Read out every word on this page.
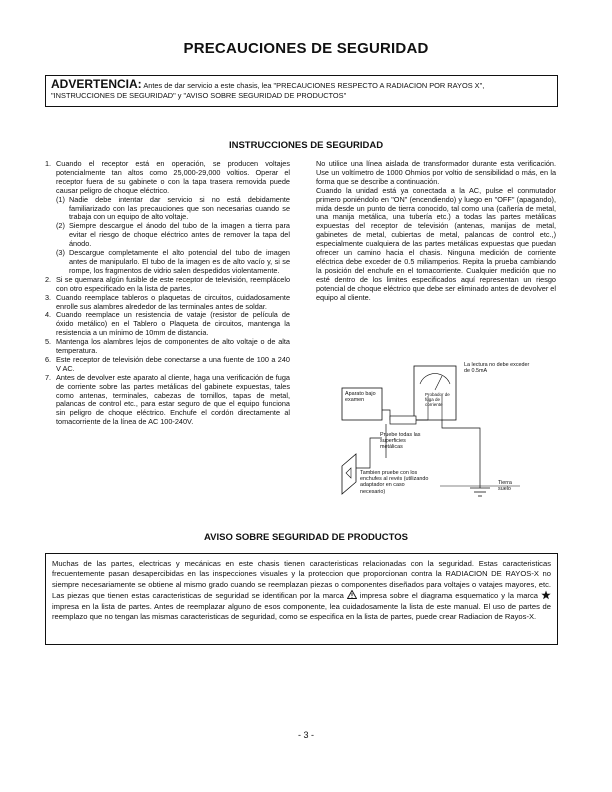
PRECAUCIONES DE SEGURIDAD
ADVERTENCIA: Antes de dar servicio a este chasis, lea "PRECAUCIONES RESPECTO A RADIACION POR RAYOS X",
"INSTRUCCIONES DE SEGURIDAD" y "AVISO SOBRE SEGURIDAD DE PRODUCTOS"
INSTRUCCIONES DE SEGURIDAD
1. Cuando el receptor está en operación, se producen voltajes potencialmente tan altos como 25,000-29,000 voltios. Operar el receptor fuera de su gabinete o con la tapa trasera removida puede causar peligro de choque eléctrico.
(1) Nadie debe intentar dar servicio si no está debidamente familiarizado con las precauciones que son necesarias cuando se trabaja con un equipo de alto voltaje.
(2) Siempre descargue el ánodo del tubo de la imagen a tierra para evitar el riesgo de choque eléctrico antes de remover la tapa del ánodo.
(3) Descargue completamente el alto potencial del tubo de imagen antes de manipularlo. El tubo de la imagen es de alto vacío y, si se rompe, los fragmentos de vidrio salen despedidos violentamente.
2. Si se quemara algún fusible de este receptor de televisión, reemplácelo con otro especificado en la lista de partes.
3. Cuando reemplace tableros o plaquetas de circuitos, cuidadosamente enrolle sus alambres alrededor de las terminales antes de soldar.
4. Cuando reemplace un resistencia de vataje (resistor de película de óxido metálico) en el Tablero o Plaqueta de circuitos, mantenga la resistencia a un mínimo de 10mm de distancia.
5. Mantenga los alambres lejos de componentes de alto voltaje o de alta temperatura.
6. Este receptor de televisión debe conectarse a una fuente de 100 a 240 V AC.
7. Antes de devolver este aparato al cliente, haga una verificación de fuga de corriente sobre las partes metálicas del gabinete expuestas, tales como antenas, terminales, cabezas de tornillos, tapas de metal, palancas de control etc., para estar seguro de que el equipo funciona sin peligro de choque eléctrico. Enchufe el cordón directamente al tomacorriente de la línea de AC 100-240V.

No utilice una línea aislada de transformador durante esta verificación. Use un voltímetro de 1000 Ohmios por voltio de sensibilidad o más, en la forma que se describe a continuación.

Cuando la unidad está ya conectada a la AC, pulse el conmutador primero poniéndolo en "ON" (encendiendo) y luego en "OFF" (apagando), mida desde un punto de tierra conocido, tal como una (cañería de metal, una manija metálica, una tubería etc.) a todas las partes metálicas expuestas del receptor de televisión (antenas, manijas de metal, gabinetes de metal, cubiertas de metal, palancas de control etc.,) especialmente cualquiera de las partes metálicas expuestas que puedan ofrecer un camino hacia el chasis. Ninguna medición de corriente eléctrica debe exceder de 0.5 miliamperios. Repita la prueba cambiando la posición del enchufe en el tomacorriente. Cualquier medición que no esté dentro de los limites especificados aquí representan un riesgo potencial de choque eléctrico que debe ser eliminado antes de devolver el equipo al cliente.

La lectura no debe exceder de 0.5mA
Probador de fuga de corriente
Aparato bajo examen
Pruebe todas las superficies metálicas
Tambien pruebe con los enchufes al revés (utilizando adaptador en caso necesario)
Tierra suelo
AVISO SOBRE SEGURIDAD DE PRODUCTOS
Muchas de las partes, electricas y mecánicas en este chasis tienen caracteristicas relacionadas con la seguridad. Estas caracteristicas frecuentemente pasan desapercibidas en las inspecciones visuales y la proteccion que proporcionan contra la RADIACION DE RAYOS-X no siempre necesariamente se obtiene al mismo grado cuando se reemplazan piezas o componentes diseñados para voltajes o vatajes mayores, etc. Las piezas que tienen estas caracteristicas de seguridad se identifican por la marca impresa sobre el diagrama esquematico y la marca  impresa en la lista de partes. Antes de reemplazar alguno de esos componente, lea cuidadosamente la lista de este manual. El uso de partes de reemplazo que no tengan las mismas caracteristicas de seguridad, como se especifica en la lista de partes, puede crear Radiacion de Rayos-X.
- 3 -
